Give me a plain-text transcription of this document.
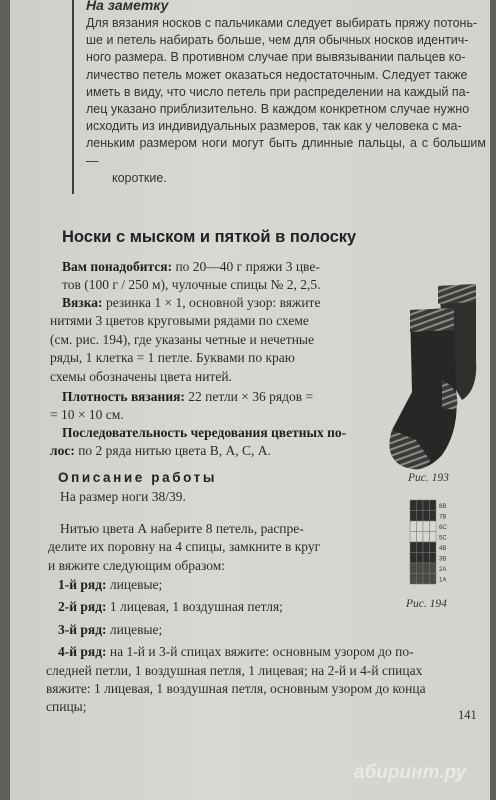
На заметку
Для вязания носков с пальчиками следует выбирать пряжу потонь-
ше и петель набирать больше, чем для обычных носков идентич-
ного размера. В противном случае при вывязывании пальцев ко-
личество петель может оказаться недостаточным. Следует также
иметь в виду, что число петель при распределении на каждый па-
лец указано приблизительно. В каждом конкретном случае нужно
исходить из индивидуальных размеров, так как у человека с ма-
леньким размером ноги могут быть длинные пальцы, а с большим —
короткие.
Носки с мыском и пяткой в полоску
Вам понадобится: по 20—40 г пряжи 3 цве-
тов (100 г / 250 м), чулочные спицы № 2, 2,5.
Вязка: резинка 1 × 1, основной узор: вяжите
нитями 3 цветов круговыми рядами по схеме
(см. рис. 194), где указаны четные и нечетные
ряды, 1 клетка = 1 петле. Буквами по краю
схемы обозначены цвета нитей.
Плотность вязания: 22 петли × 36 рядов =
= 10 × 10 см.
Последовательность чередования цветных по-
лос: по 2 ряда нитью цвета В, А, С, А.
Описание работы
На размер ноги 38/39.
Нитью цвета А наберите 8 петель, распре-
делите их поровну на 4 спицы, замкните в круг
и вяжите следующим образом:
1-й ряд: лицевые;
2-й ряд: 1 лицевая, 1 воздушная петля;
3-й ряд: лицевые;
4-й ряд: на 1-й и 3-й спицах вяжите: основным узором до по-
следней петли, 1 воздушная петля, 1 лицевая; на 2-й и 4-й спицах
вяжите: 1 лицевая, 1 воздушная петля, основным узором до конца
спицы;
Рис. 193
8B
7B
6C
5C
4B
3B
2A
1A
Рис. 194
141
абиринт.ру
